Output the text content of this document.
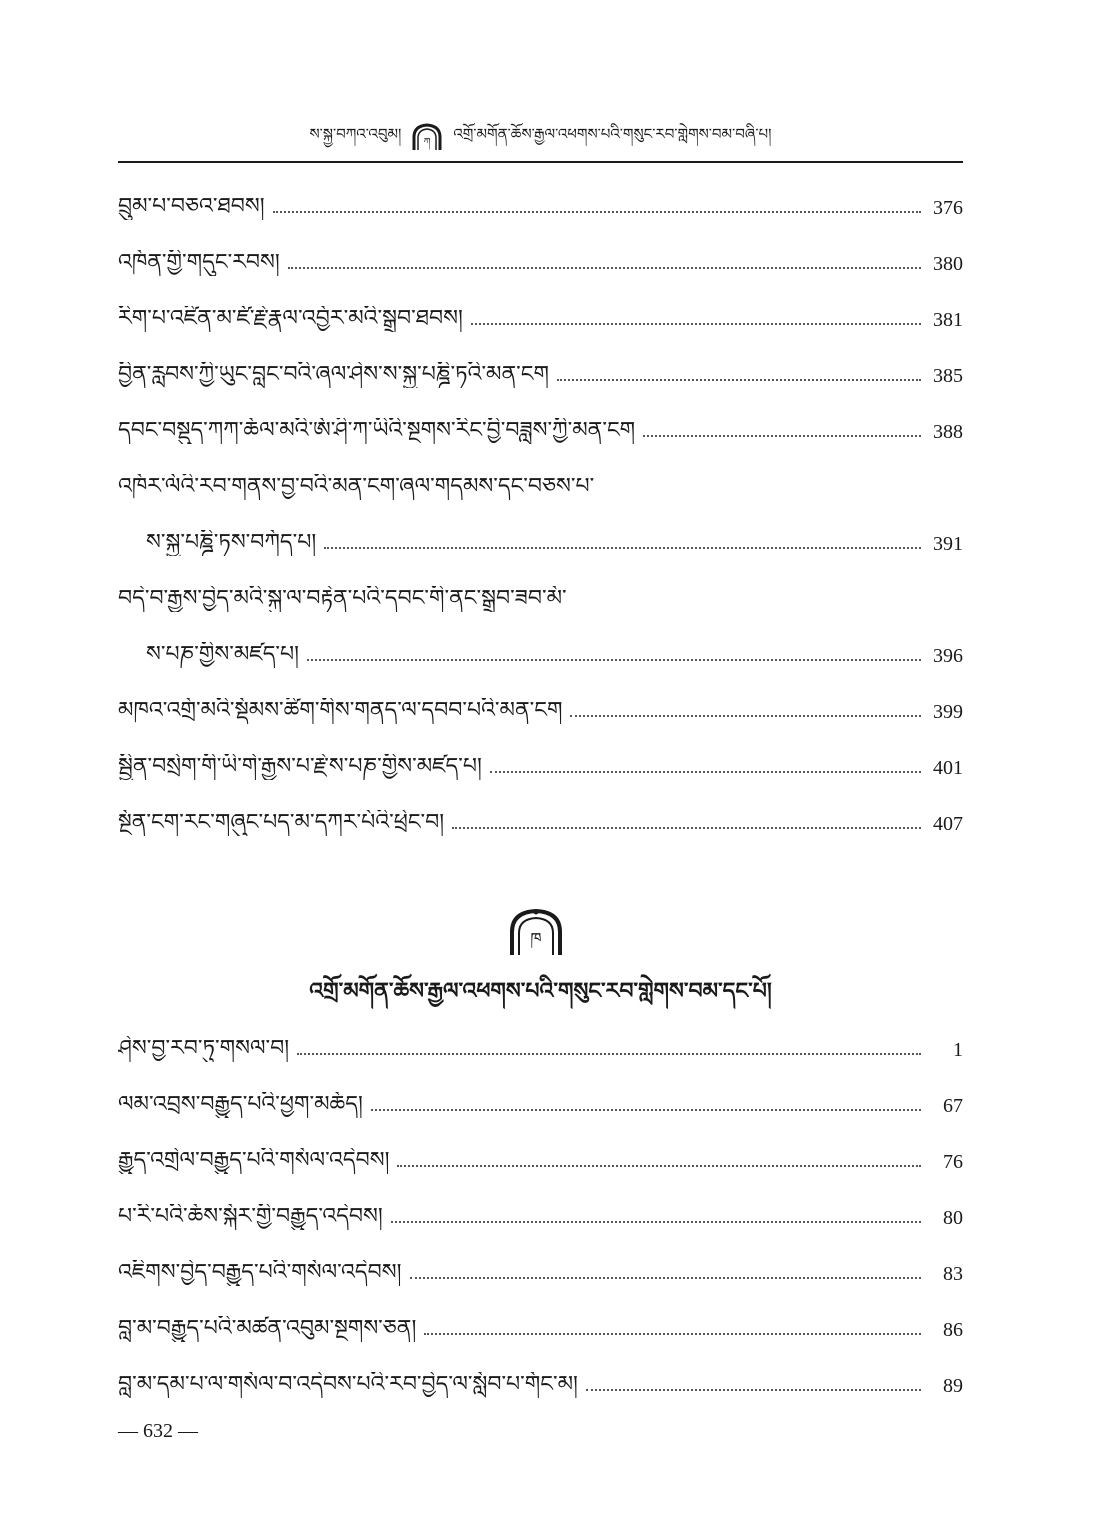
ས་སྐྱ་བཀའ་འབུམ། ཀ འགྲོ་མགོན་ཆོས་རྒྱལ་འཕགས་པའི་གསུང་རབ་གླེགས་བམ་བཞི་པ།
བྲུམ་པ་བཅའ་ཐབས།	376
འཁོན་གྱི་གདུང་རབས།	380
རིག་པ་འཛིན་མ་ཛོ་རྗེ་རྣལ་འབྱོར་མའི་སྒྲུབ་ཐབས།	381
བྱིན་རླབས་ཀྱི་ཡུང་བླང་བའི་ཞལ་ཤེས་ས་སྐྱ་པཎྜི་ཏའི་མན་ངག	385
དབང་བསྡུད་ཀཀ་ཆོལ་མའི་ཨོ་ཤི་ཀ་ཡིའི་སྔགས་རིང་བྱི་བཟླས་ཀྱི་མན་ངག	388
འཁོར་ལོའི་རབ་གནས་བྱ་བའི་མན་ངག་ཞལ་གདམས་དང་བཅས་པ་
ས་སྐྱ་པཎྜི་ཏས་བཀོད་པ།	391
བདེ་བ་རྒྱས་བྱེད་མའི་སྐུ་ལ་བརྟེན་པའི་དབང་གི་ནང་སྒྲུབ་ཟབ་མོ་
ས་པཎ་གྱིས་མཛད་པ།	396
མཁའ་འགྲོ་མའི་སྡོམས་ཚིག་གིས་གནད་ལ་དབབ་པའི་མན་ངག	399
སྦྱིན་བསྲེག་གི་ཡི་གེ་རྒྱས་པ་རྗེ་ས་པཎ་གྱིས་མཛད་པ།	401
སྔོན་ངག་རང་གཞུང་པད་མ་དཀར་པོའི་ཕྲེང་བ།	407
ཁ
འགྲོ་མགོན་ཆོས་རྒྱལ་འཕགས་པའི་གསུང་རབ་གླེགས་བམ་དང་པོ།
ཤེས་བྱ་རབ་ཏུ་གསལ་བ།	1
ལམ་འབྲས་བརྒྱུད་པའི་ཕྱག་མཆོད།	67
རྒྱུད་འགྲེལ་བརྒྱུད་པའི་གསོལ་འདེབས།	76
པ་རི་པའི་ཆོས་སྐོར་གྱི་བརྒྱུད་འདེབས།	80
འཇིགས་བྱེད་བརྒྱུད་པའི་གསོལ་འདེབས།	83
བླ་མ་བརྒྱུད་པའི་མཚན་འབུམ་སྔགས་ཅན།	86
བླ་མ་དམ་པ་ལ་གསོལ་བ་འདེབས་པའི་རབ་བྱེད་ལ་སློབ་པ་གོང་མ།	89
— 632 —
